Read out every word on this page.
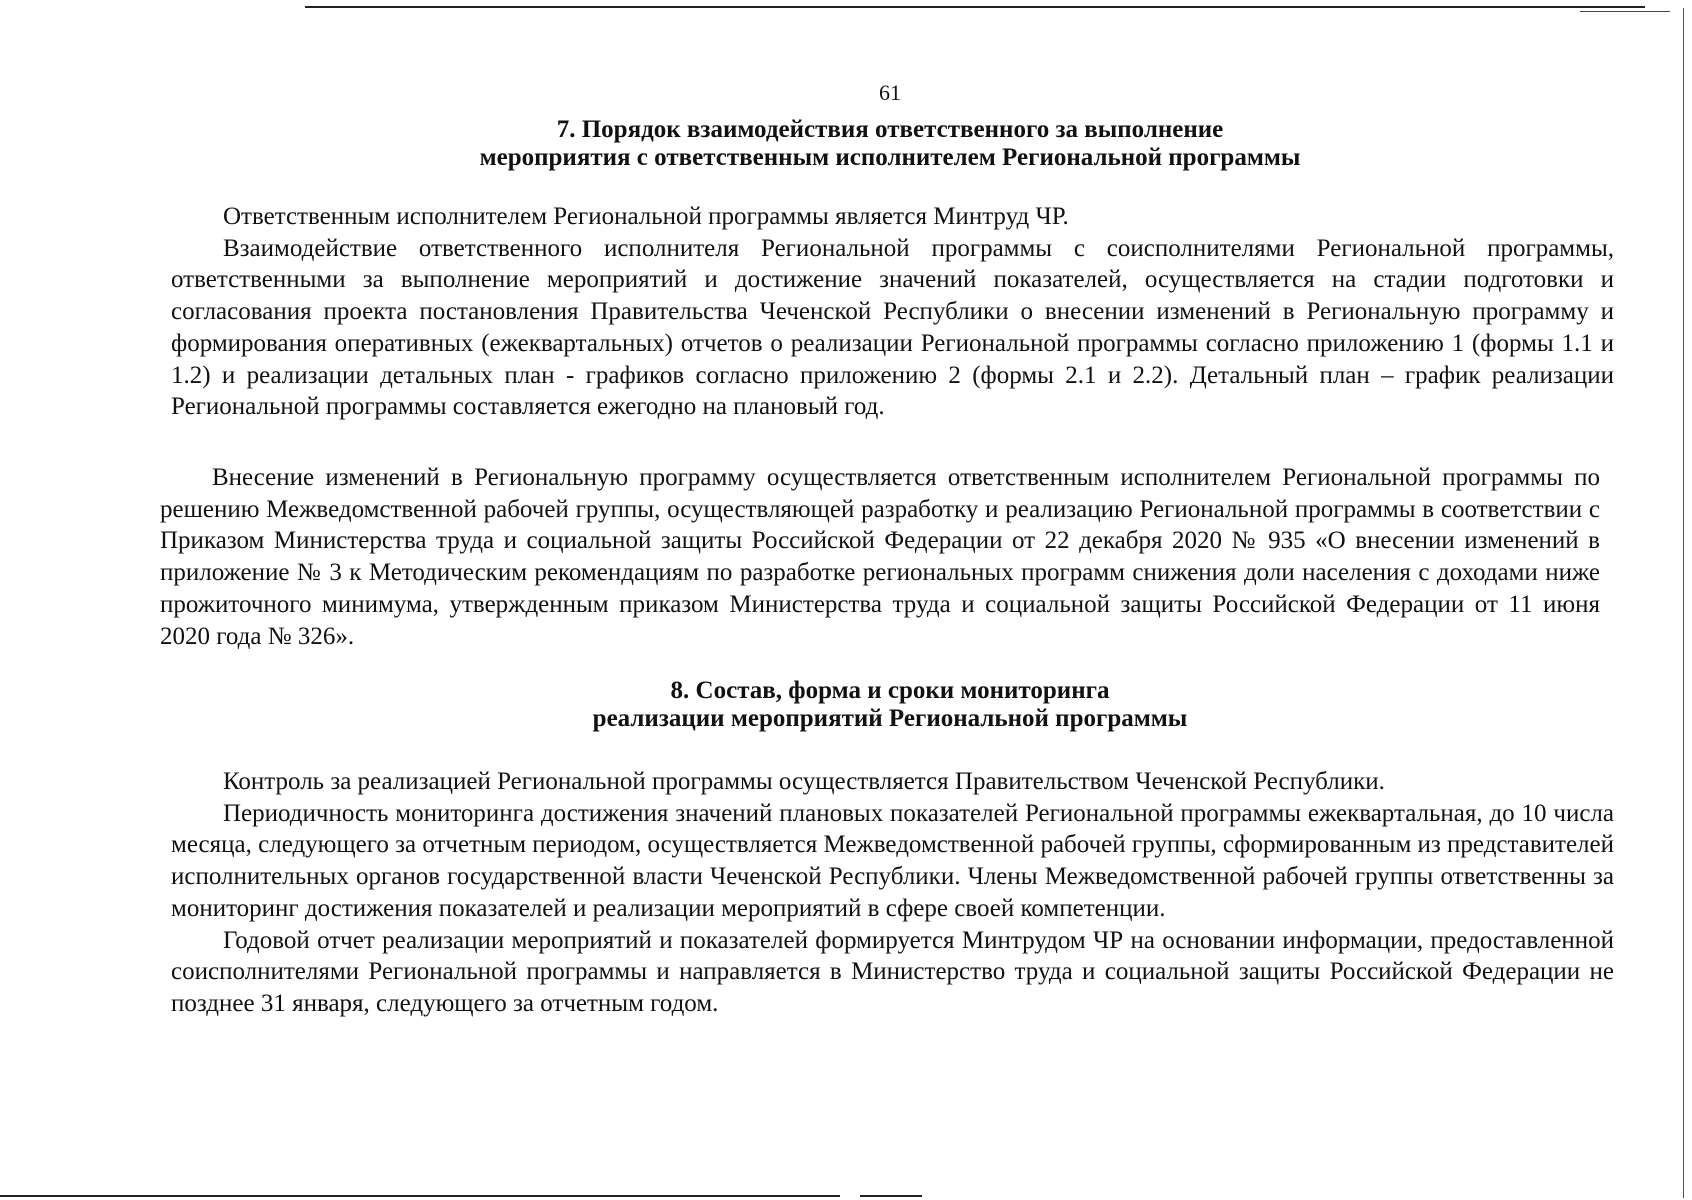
61
7. Порядок взаимодействия ответственного за выполнение
мероприятия с ответственным исполнителем Региональной программы

Ответственным исполнителем Региональной программы является Минтруд ЧР.

Взаимодействие ответственного исполнителя Региональной программы с соисполнителями Региональной программы, ответственными за выполнение мероприятий и достижение значений показателей, осуществляется на стадии подготовки и согласования проекта постановления Правительства Чеченской Республики о внесении изменений в Региональную программу и формирования оперативных (ежеквартальных) отчетов о реализации Региональной программы согласно приложению 1 (формы 1.1 и 1.2) и реализации детальных план - графиков согласно приложению 2 (формы 2.1 и 2.2). Детальный план – график реализации Региональной программы составляется ежегодно на плановый год.

Внесение изменений в Региональную программу осуществляется ответственным исполнителем Региональной программы по решению Межведомственной рабочей группы, осуществляющей разработку и реализацию Региональной программы в соответствии с Приказом Министерства труда и социальной защиты Российской Федерации от 22 декабря 2020 № 935 «О внесении изменений в приложение № 3 к Методическим рекомендациям по разработке региональных программ снижения доли населения с доходами ниже прожиточного минимума, утвержденным приказом Министерства труда и социальной защиты Российской Федерации от 11 июня 2020 года № 326».

8. Состав, форма и сроки мониторинга
реализации мероприятий Региональной программы

Контроль за реализацией Региональной программы осуществляется Правительством Чеченской Республики.

Периодичность мониторинга достижения значений плановых показателей Региональной программы ежеквартальная, до 10 числа месяца, следующего за отчетным периодом, осуществляется Межведомственной рабочей группы, сформированным из представителей исполнительных органов государственной власти Чеченской Республики. Члены Межведомственной рабочей группы ответственны за мониторинг достижения показателей и реализации мероприятий в сфере своей компетенции.

Годовой отчет реализации мероприятий и показателей формируется Минтрудом ЧР на основании информации, предоставленной соисполнителями Региональной программы и направляется в Министерство труда и социальной защиты Российской Федерации не позднее 31 января, следующего за отчетным годом.
